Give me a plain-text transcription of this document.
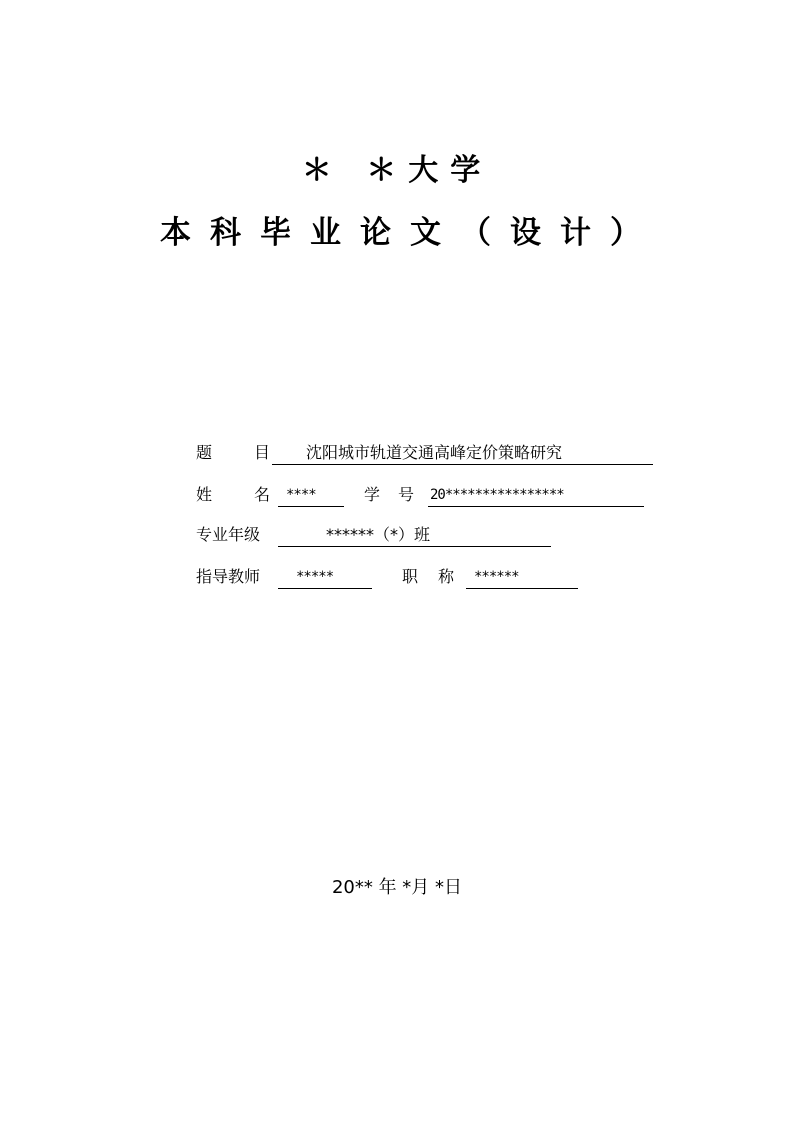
＊ ＊大学
本科毕业论文（设计）
题	目 沈阳城市轨道交通高峰定价策略研究
姓	名 ****	学 号 20****************
专业年级	******（*）班
指导教师	*****	职 称 ******
20** 年 *月 *日
